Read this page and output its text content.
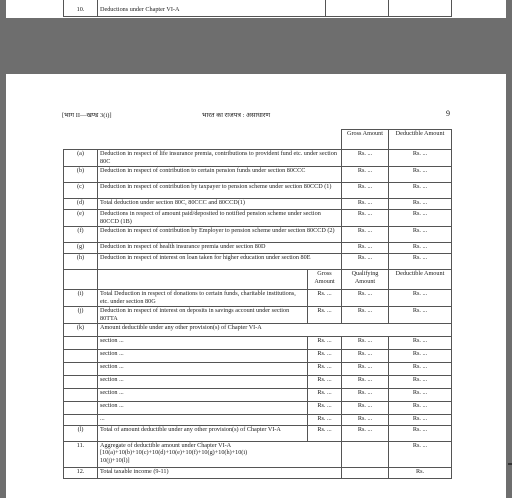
10.	Deductions under Chapter VI-A		
[भाग II—खण्ड 3(i)]	भारत का राजपत्र : असाधारण	9
			Gross Amount	Deductible Amount
(a)	Deduction in respect of life insurance premia, contributions to provident fund etc. under section 80C		Rs. ...	Rs. ...
(b)	Deduction in respect of contribution to certain pension funds under section 80CCC		Rs. ...	Rs. ...
(c)	Deduction in respect of contribution by taxpayer to pension scheme under section 80CCD (1)		Rs. ...	Rs. ...
(d)	Total deduction under section 80C, 80CCC and 80CCD(1)		Rs. ...	Rs. ...
(e)	Deductions in respect of amount paid/deposited to notified pension scheme under section 80CCD (1B)		Rs. ...	Rs. ...
(f)	Deduction in respect of contribution by Employer to pension scheme under section 80CCD (2)		Rs. ...	Rs. ...
(g)	Deduction in respect of health insurance premia under section 80D		Rs. ...	Rs. ...
(h)	Deduction in respect of interest on loan taken for higher education under section 80E		Rs. ...	Rs. ...
		Gross Amount	Qualifying Amount	Deductible Amount
(i)	Total Deduction in respect of donations to certain funds, charitable institutions, etc. under section 80G	Rs. ...	Rs. ...	Rs. ...
(j)	Deduction in respect of interest on deposits in savings account under section 80TTA	Rs. ...	Rs. ...	Rs. ...
(k)	Amount deductible under any other provision(s) of Chapter VI-A			
	section ...	Rs. ...	Rs. ...	Rs. ...
	section ...	Rs. ...	Rs. ...	Rs. ...
	section ...	Rs. ...	Rs. ...	Rs. ...
	section ...	Rs. ...	Rs. ...	Rs. ...
	section ...	Rs. ...	Rs. ...	Rs. ...
	section ...	Rs. ...	Rs. ...	Rs. ...
	...	Rs. ...	Rs. ...	Rs. ...
(l)	Total of amount deductible under any other provision(s) of Chapter VI-A	Rs. ...	Rs. ...	Rs. ...
11.	Aggregate of deductible amount under Chapter VI-A
[10(a)+10(b)+10(c)+10(d)+10(e)+10(f)+10(g)+10(h)+10(i)
10(j)+10(l)]			Rs. ...
12.	Total taxable income (9-11)			Rs.
